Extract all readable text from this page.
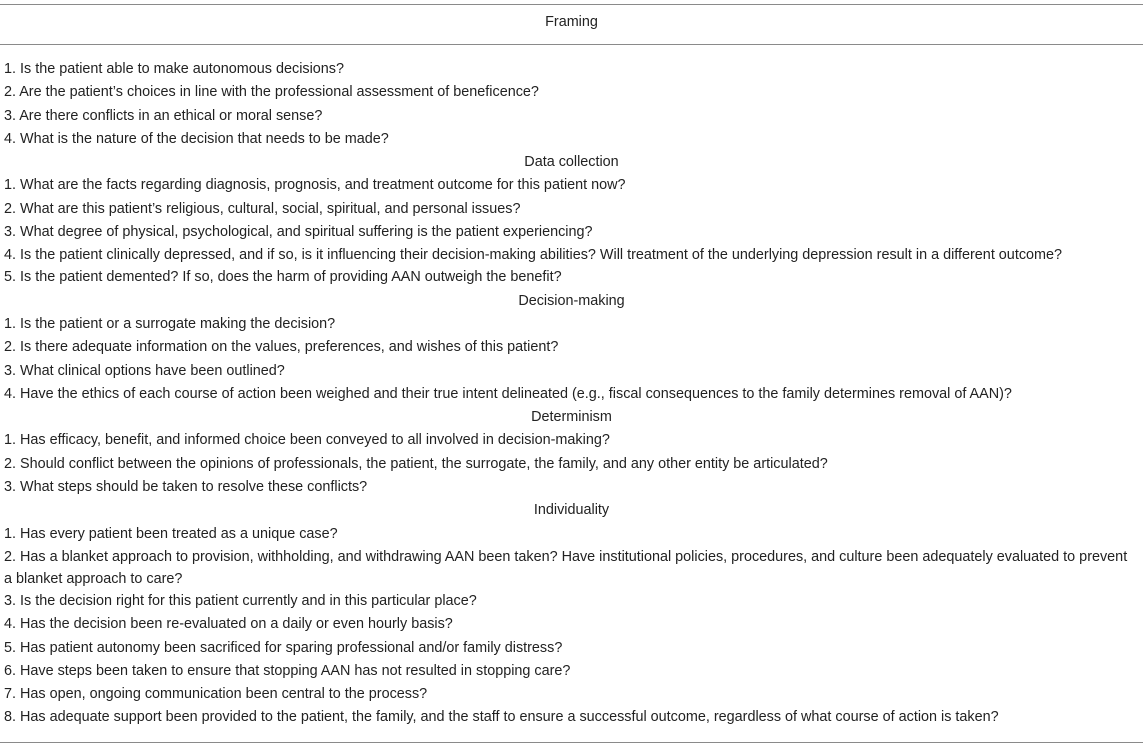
Framing
1. Is the patient able to make autonomous decisions?
2. Are the patient’s choices in line with the professional assessment of beneficence?
3. Are there conflicts in an ethical or moral sense?
4. What is the nature of the decision that needs to be made?
Data collection
1. What are the facts regarding diagnosis, prognosis, and treatment outcome for this patient now?
2. What are this patient’s religious, cultural, social, spiritual, and personal issues?
3. What degree of physical, psychological, and spiritual suffering is the patient experiencing?
4. Is the patient clinically depressed, and if so, is it influencing their decision-making abilities? Will treatment of the underlying depression result in a different outcome?
5. Is the patient demented? If so, does the harm of providing AAN outweigh the benefit?
Decision-making
1. Is the patient or a surrogate making the decision?
2. Is there adequate information on the values, preferences, and wishes of this patient?
3. What clinical options have been outlined?
4. Have the ethics of each course of action been weighed and their true intent delineated (e.g., fiscal consequences to the family determines removal of AAN)?
Determinism
1. Has efficacy, benefit, and informed choice been conveyed to all involved in decision-making?
2. Should conflict between the opinions of professionals, the patient, the surrogate, the family, and any other entity be articulated?
3. What steps should be taken to resolve these conflicts?
Individuality
1. Has every patient been treated as a unique case?
2. Has a blanket approach to provision, withholding, and withdrawing AAN been taken? Have institutional policies, procedures, and culture been adequately evaluated to prevent a blanket approach to care?
3. Is the decision right for this patient currently and in this particular place?
4. Has the decision been re-evaluated on a daily or even hourly basis?
5. Has patient autonomy been sacrificed for sparing professional and/or family distress?
6. Have steps been taken to ensure that stopping AAN has not resulted in stopping care?
7. Has open, ongoing communication been central to the process?
8. Has adequate support been provided to the patient, the family, and the staff to ensure a successful outcome, regardless of what course of action is taken?
